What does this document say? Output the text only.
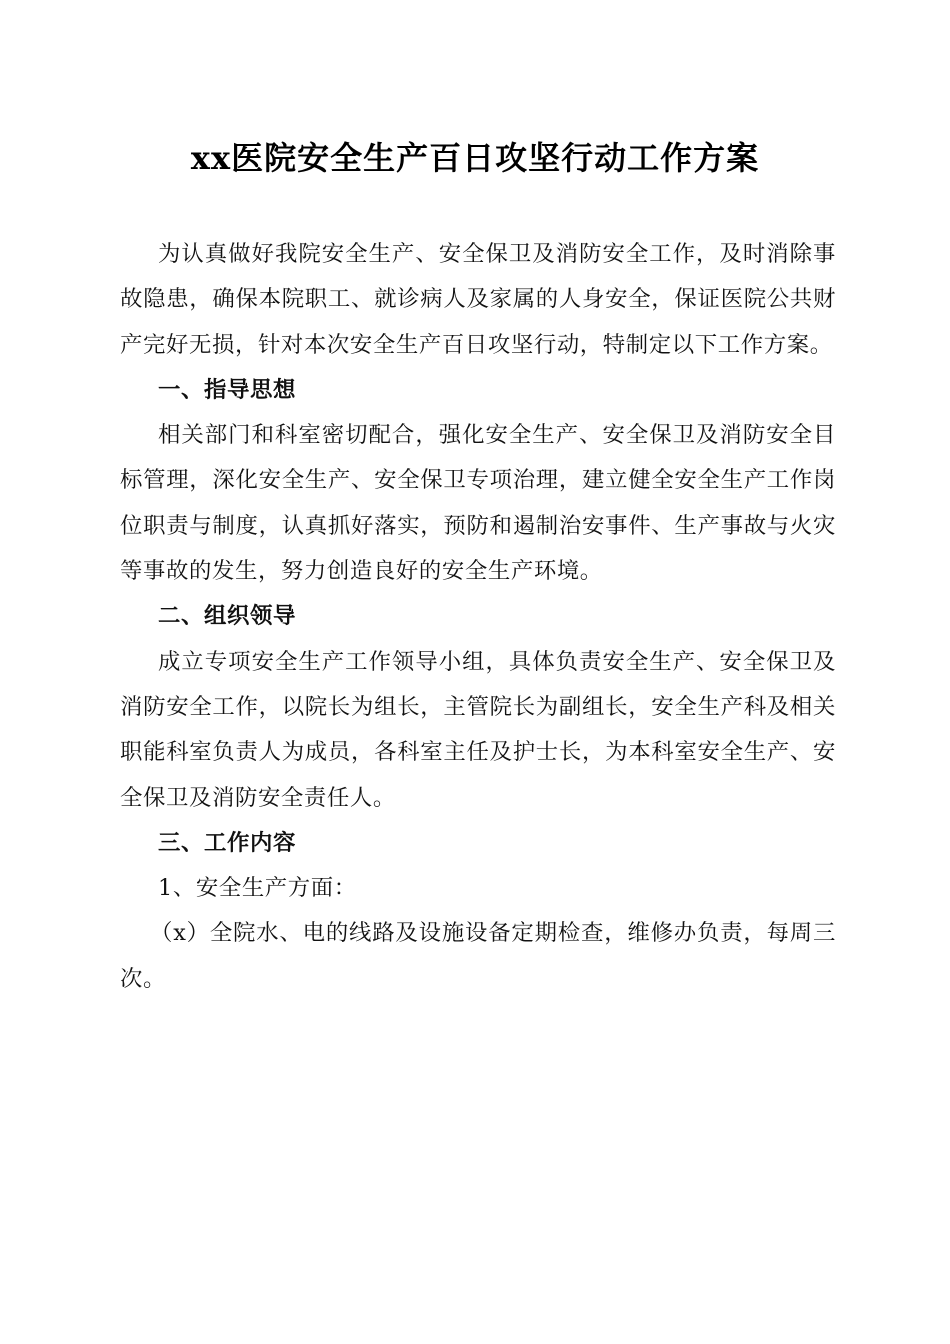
xx医院安全生产百日攻坚行动工作方案

为认真做好我院安全生产、安全保卫及消防安全工作，及时消除事故隐患，确保本院职工、就诊病人及家属的人身安全，保证医院公共财产完好无损，针对本次安全生产百日攻坚行动，特制定以下工作方案。

一、指导思想

相关部门和科室密切配合，强化安全生产、安全保卫及消防安全目标管理，深化安全生产、安全保卫专项治理，建立健全安全生产工作岗位职责与制度，认真抓好落实，预防和遏制治安事件、生产事故与火灾等事故的发生，努力创造良好的安全生产环境。

二、组织领导

成立专项安全生产工作领导小组，具体负责安全生产、安全保卫及消防安全工作，以院长为组长，主管院长为副组长，安全生产科及相关职能科室负责人为成员，各科室主任及护士长，为本科室安全生产、安全保卫及消防安全责任人。

三、工作内容

1、安全生产方面：

（x）全院水、电的线路及设施设备定期检查，维修办负责，每周三次。
